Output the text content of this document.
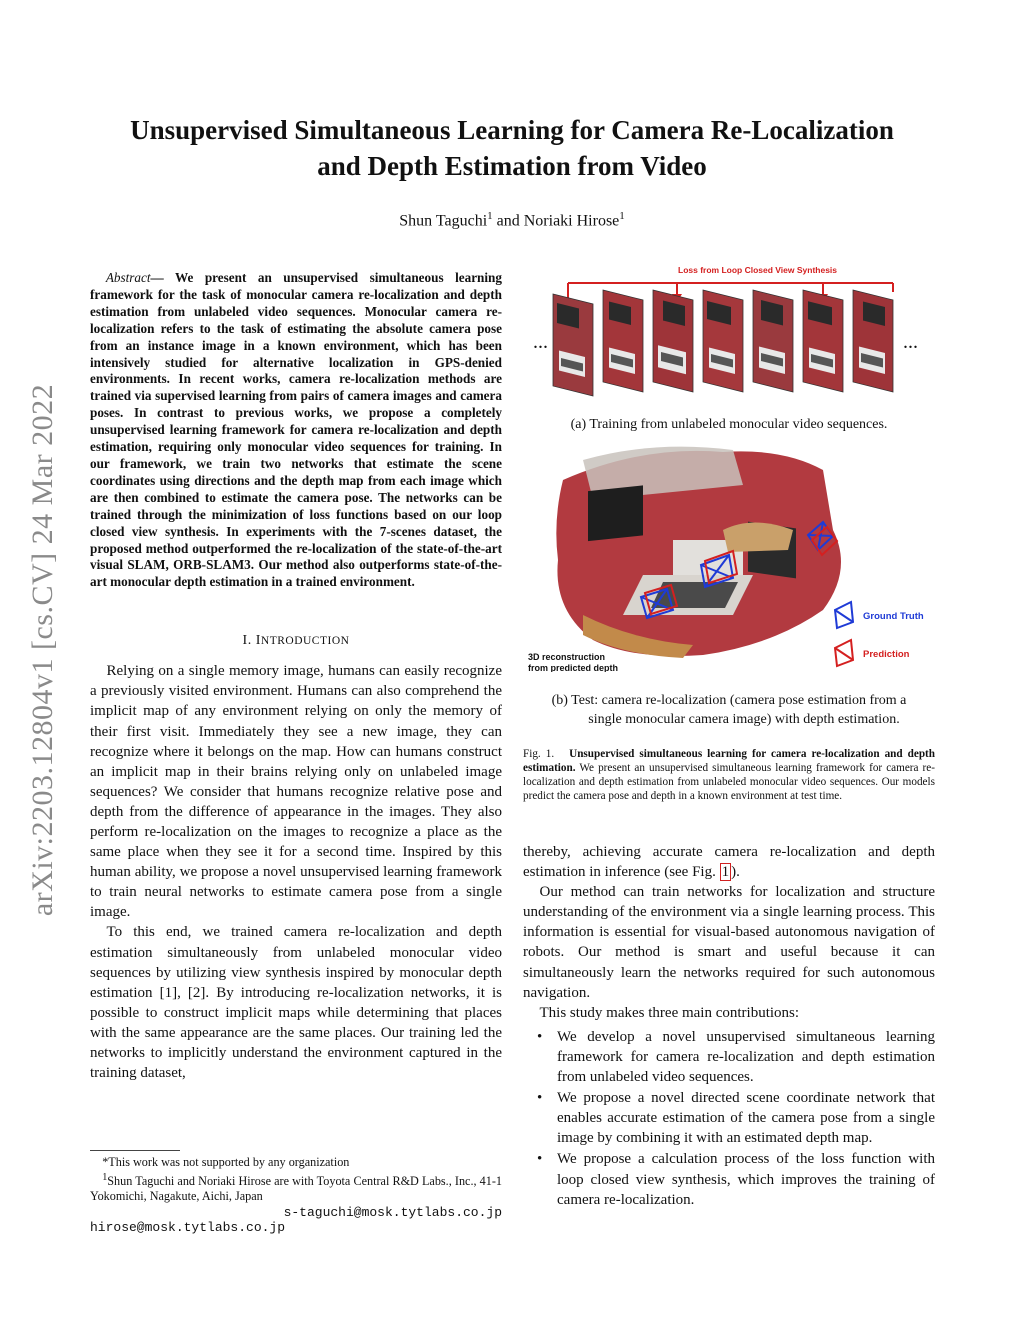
arXiv:2203.12804v1 [cs.CV] 24 Mar 2022
Unsupervised Simultaneous Learning for Camera Re-Localization
and Depth Estimation from Video
Shun Taguchi$^1$ and Noriaki Hirose$^1$

Abstract— We present an unsupervised simultaneous learning framework for the task of monocular camera re-localization and depth estimation from unlabeled video sequences. Monocular camera re-localization refers to the task of estimating the absolute camera pose from an instance image in a known environment, which has been intensively studied for alternative localization in GPS-denied environments. In recent works, camera re-localization methods are trained via supervised learning from pairs of camera images and camera poses. In contrast to previous works, we propose a completely unsupervised learning framework for camera re-localization and depth estimation, requiring only monocular video sequences for training. In our framework, we train two networks that estimate the scene coordinates using directions and the depth map from each image which are then combined to estimate the camera pose. The networks can be trained through the minimization of loss functions based on our loop closed view synthesis. In experiments with the 7-scenes dataset, the proposed method outperformed the re-localization of the state-of-the-art visual SLAM, ORB-SLAM3. Our method also outperforms state-of-the-art monocular depth estimation in a trained environment.

I. INTRODUCTION

Relying on a single memory image, humans can easily recognize a previously visited environment. Humans can also comprehend the implicit map of any environment relying on only the memory of their first visit. Immediately they see a new image, they can recognize where it belongs on the map. How can humans construct an implicit map in their brains relying only on unlabeled image sequences? We consider that humans recognize relative pose and depth from the difference of appearance in the images. They also perform re-localization on the images to recognize a place as the same place when they see it for a second time. Inspired by this human ability, we propose a novel unsupervised learning framework to train neural networks to estimate camera pose from a single image.

To this end, we trained camera re-localization and depth estimation simultaneously from unlabeled monocular video sequences by utilizing view synthesis inspired by monocular depth estimation [1], [2]. By introducing re-localization networks, it is possible to construct implicit maps while determining that places with the same appearance are the same places. Our training led the networks to implicitly understand the environment captured in the training dataset,

*This work was not supported by any organization

$^1$Shun Taguchi and Noriaki Hirose are with Toyota Central R&D Labs., Inc., 41-1 Yokomichi, Nagakute, Aichi, Japan

s-taguchi@mosk.tytlabs.co.jp
hirose@mosk.tytlabs.co.jp
Loss from Loop Closed View Synthesis
...	...

(a) Training from unlabeled monocular video sequences.

Ground Truth
Prediction
3D reconstruction
from predicted depth

(b) Test: camera re-localization (camera pose estimation from a

single monocular camera image) with depth estimation.

Fig. 1. Unsupervised simultaneous learning for camera re-localization and depth estimation. We present an unsupervised simultaneous learning framework for camera re-localization and depth estimation from unlabeled monocular video sequences. Our models predict the camera pose and depth in a known environment at test time.

thereby, achieving accurate camera re-localization and depth estimation in inference (see Fig. 1 ).

Our method can train networks for localization and structure understanding of the environment via a single learning process. This information is essential for visual-based autonomous navigation of robots. Our method is smart and useful because it can simultaneously learn the networks required for such autonomous navigation.

This study makes three main contributions:

• We develop a novel unsupervised simultaneous learning framework for camera re-localization and depth estimation from unlabeled video sequences.
• We propose a novel directed scene coordinate network that enables accurate estimation of the camera pose from a single image by combining it with an estimated depth map.
• We propose a calculation process of the loss function with loop closed view synthesis, which improves the training of camera re-localization.
